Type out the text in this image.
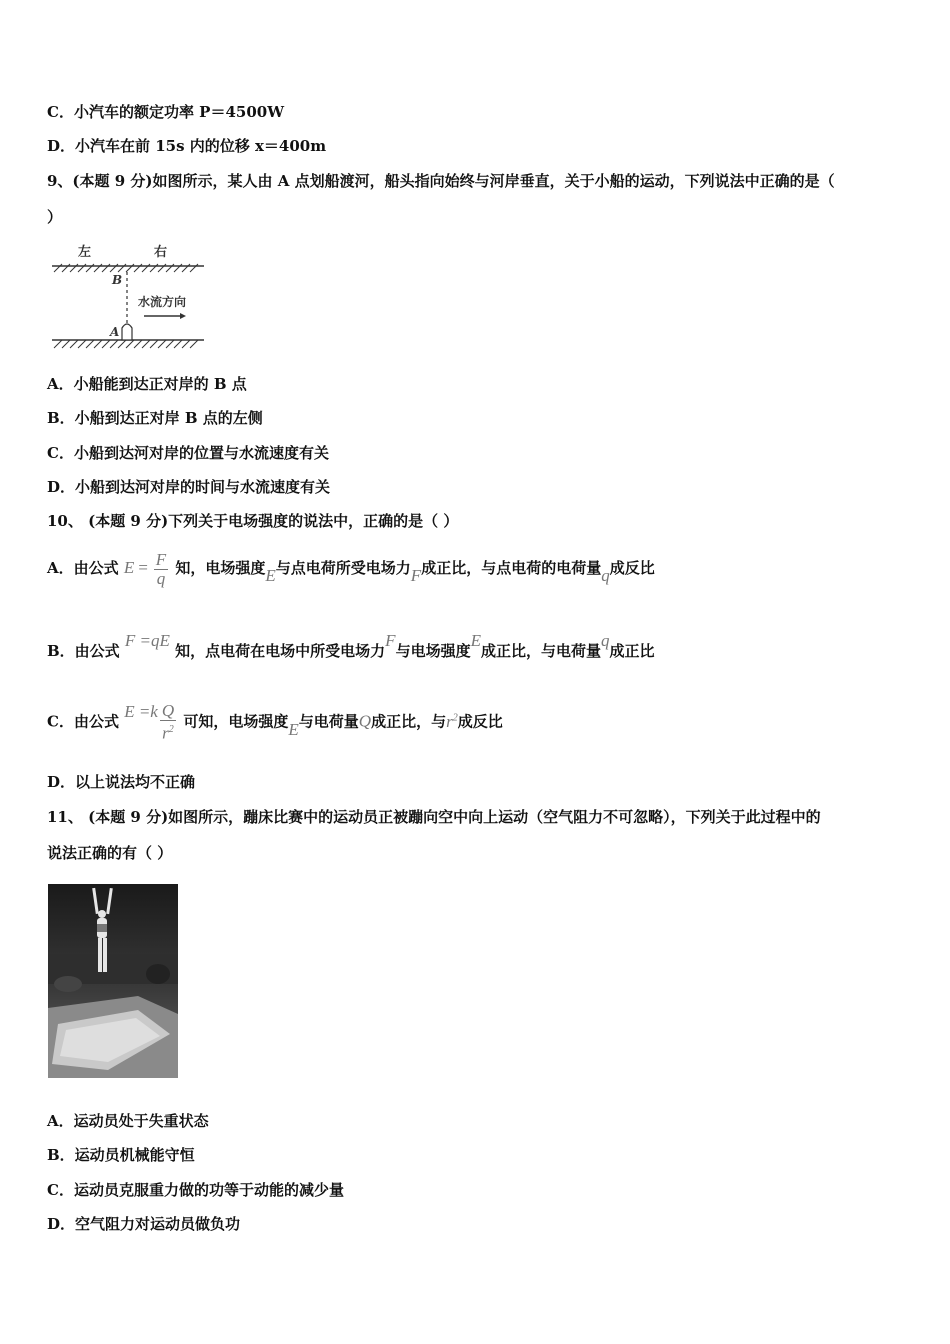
C．小汽车的额定功率 P＝4500W
D．小汽车在前 15s 内的位移 x＝400m
9、(本题 9 分)如图所示，某人由 A 点划船渡河，船头指向始终与河岸垂直，关于小船的运动，下列说法中正确的是（
）
左	右
B
A
水流方向
A．小船能到达正对岸的 B 点
B．小船到达正对岸 B 点的左侧
C．小船到达河对岸的位置与水流速度有关
D．小船到达河对岸的时间与水流速度有关
10、 (本题 9 分)下列关于电场强度的说法中，正确的是（ ）
A．由公式 $E = \frac{F}{q}$ 知，电场强度E与点电荷所受电场力F成正比，与点电荷的电荷量q成反比
B．由公式 F =qE 知，点电荷在电场中所受电场力F与电场强度E成正比，与电荷量q成正比
C．由公式 $E =k \frac{Q}{r^2}$ 可知，电场强度E与电荷量Q成正比，与$r^2$成反比
D．以上说法均不正确
11、 (本题 9 分)如图所示，蹦床比赛中的运动员正被蹦向空中向上运动（空气阻力不可忽略），下列关于此过程中的
说法正确的有（ ）
A．运动员处于失重状态
B．运动员机械能守恒
C．运动员克服重力做的功等于动能的减少量
D．空气阻力对运动员做负功
